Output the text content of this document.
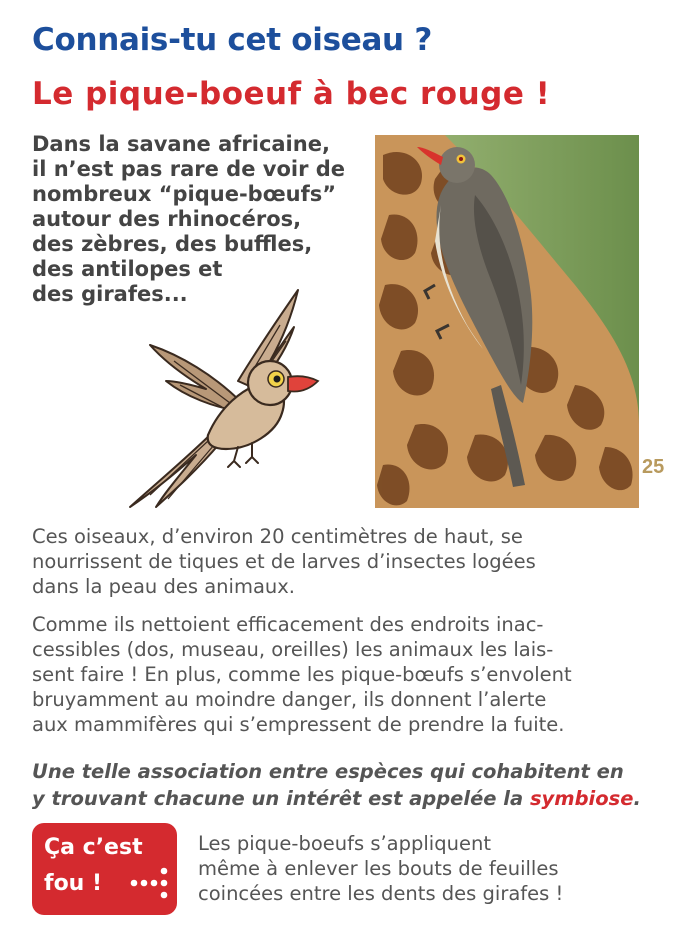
Connais-tu cet oiseau ?
Le pique-boeuf à bec rouge !
Dans la savane africaine,
il n’est pas rare de voir de
nombreux “pique-bœufs”
autour des rhinocéros,
des zèbres, des buffles,
des antilopes et
des girafes...
25
Ces oiseaux, d’environ 20 centimètres de haut, se
nourrissent de tiques et de larves d’insectes logées
dans la peau des animaux.
Comme ils nettoient efficacement des endroits inac-
cessibles (dos, museau, oreilles) les animaux les lais-
sent faire ! En plus, comme les pique-bœufs s’envolent
bruyamment au moindre danger, ils donnent l’alerte
aux mammifères qui s’empressent de prendre la fuite.
Une telle association entre espèces qui cohabitent en
y trouvant chacune un intérêt est appelée la symbiose.
Ça c’est
fou !
Les pique-boeufs s’appliquent
même à enlever les bouts de feuilles
coincées entre les dents des girafes !
